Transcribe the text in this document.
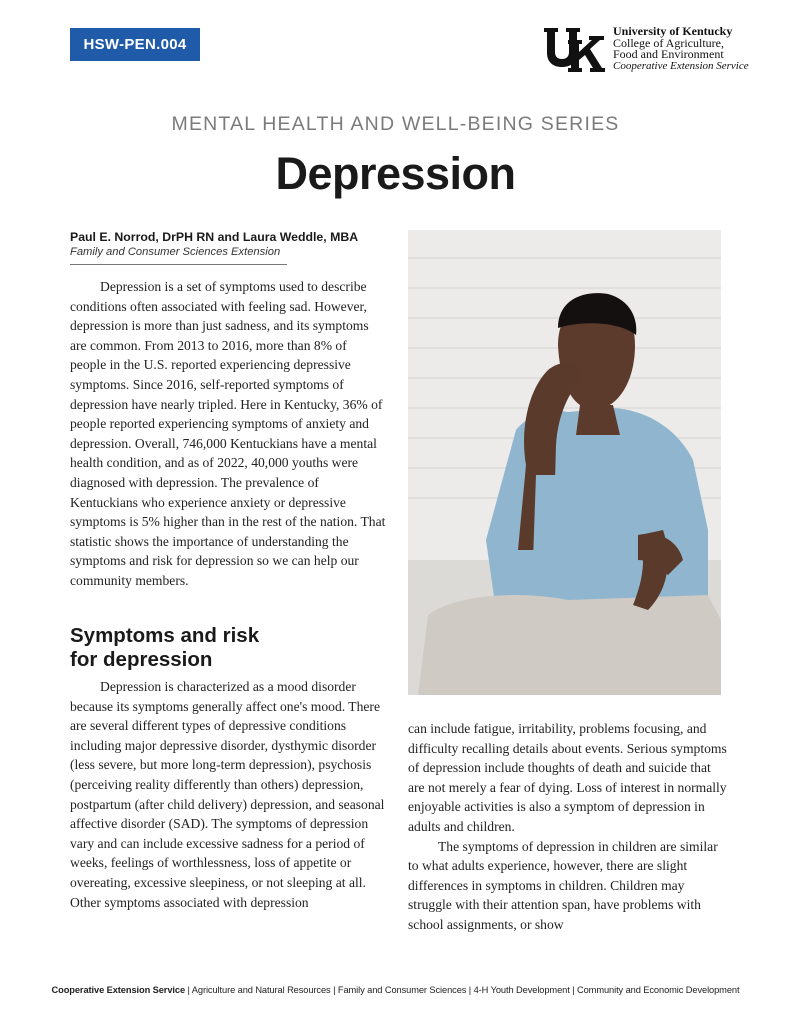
HSW-PEN.004
University of Kentucky
College of Agriculture,
Food and Environment
Cooperative Extension Service
MENTAL HEALTH AND WELL-BEING SERIES
Depression
Paul E. Norrod, DrPH RN and Laura Weddle, MBA
Family and Consumer Sciences Extension

Depression is a set of symptoms used to describe conditions often associated with feeling sad. However, depression is more than just sadness, and its symptoms are common. From 2013 to 2016, more than 8% of people in the U.S. reported experiencing depressive symptoms. Since 2016, self-reported symptoms of depression have nearly tripled. Here in Kentucky, 36% of people reported experiencing symptoms of anxiety and depression. Overall, 746,000 Kentuckians have a mental health condition, and as of 2022, 40,000 youths were diagnosed with depression. The prevalence of Kentuckians who experience anxiety or depressive symptoms is 5% higher than in the rest of the nation. That statistic shows the importance of understanding the symptoms and risk for depression so we can help our community members.

Symptoms and risk
for depression

Depression is characterized as a mood disorder because its symptoms generally affect one's mood. There are several different types of depressive conditions including major depressive disorder, dysthymic disorder (less severe, but more long-term depression), psychosis (perceiving reality differently than others) depression, postpartum (after child delivery) depression, and seasonal affective disorder (SAD). The symptoms of depression vary and can include excessive sadness for a period of weeks, feelings of worthlessness, loss of appetite or overeating, excessive sleepiness, or not sleeping at all. Other symptoms associated with depression

can include fatigue, irritability, problems focusing, and difficulty recalling details about events. Serious symptoms of depression include thoughts of death and suicide that are not merely a fear of dying. Loss of interest in normally enjoyable activities is also a symptom of depression in adults and children.

The symptoms of depression in children are similar to what adults experience, however, there are slight differences in symptoms in children. Children may struggle with their attention span, have problems with school assignments, or show

Cooperative Extension Service | Agriculture and Natural Resources | Family and Consumer Sciences | 4-H Youth Development | Community and Economic Development
